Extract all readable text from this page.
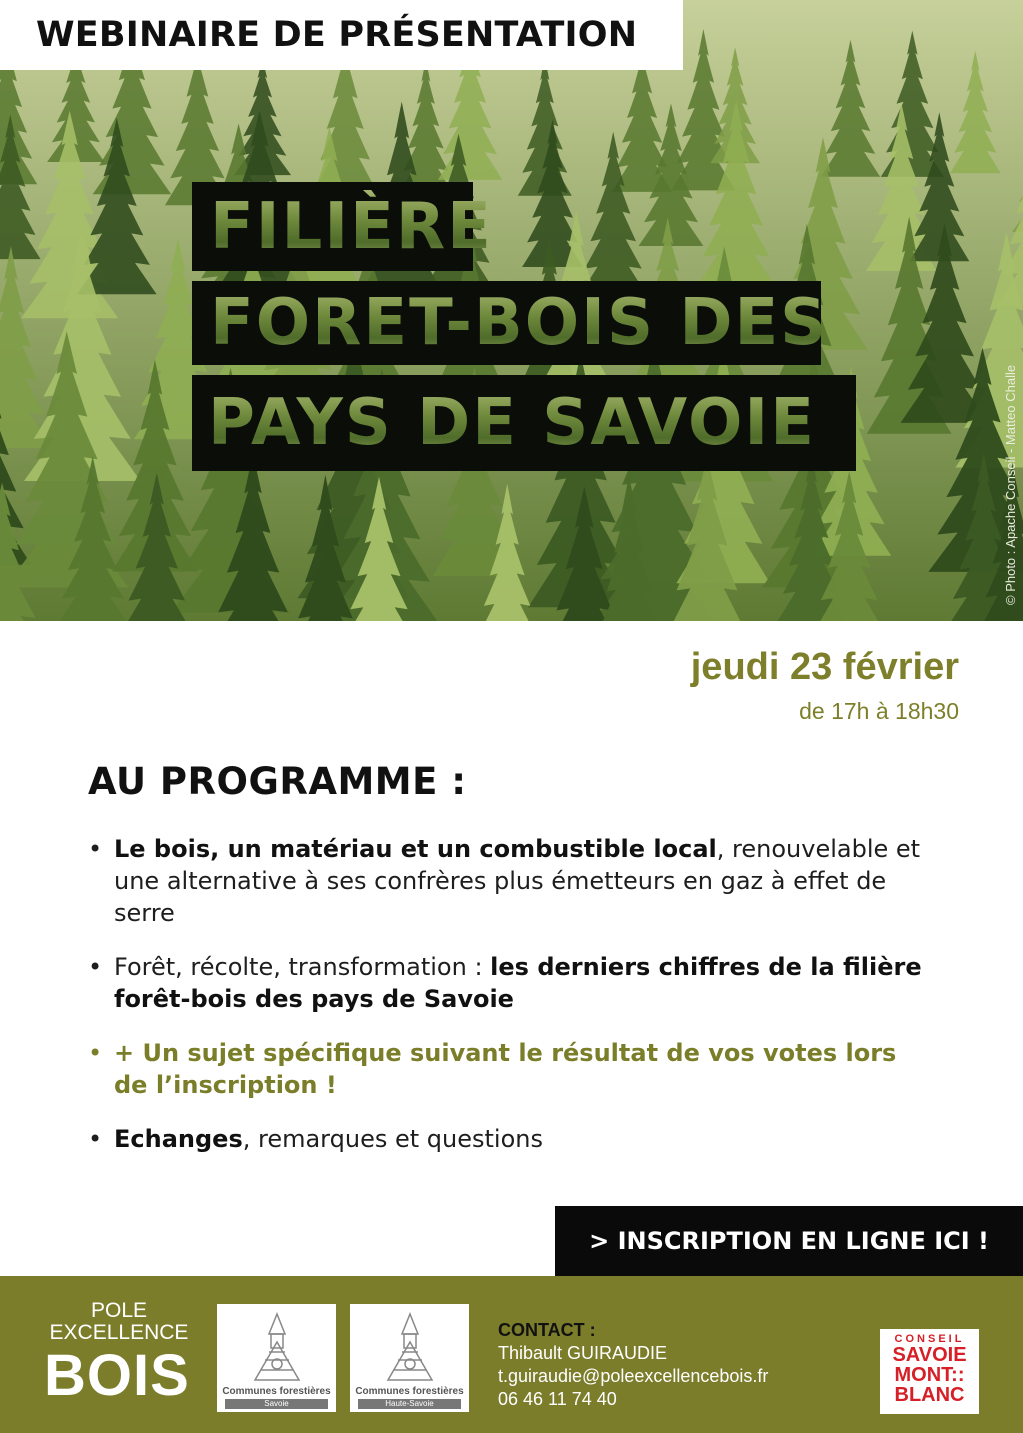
WEBINAIRE DE PRÉSENTATION
FILIÈRE
FORET-BOIS DES
PAYS DE SAVOIE	© Photo : Apache Conseil - Matteo Challe
jeudi 23 février
de 17h à 18h30
AU PROGRAMME :
• Le bois, un matériau et un combustible local, renouvelable et une alternative à ses confrères plus émetteurs en gaz à effet de serre
• Forêt, récolte, transformation : les derniers chiffres de la filière forêt-bois des pays de Savoie
• + Un sujet spécifique suivant le résultat de vos votes lors de l’inscription !
• Echanges, remarques et questions
> INSCRIPTION EN LIGNE ICI !
POLE
EXCELLENCE
BOIS	Communes forestières
Savoie
Communes forestières
Haute-Savoie
CONTACT :
Thibault GUIRAUDIE
t.guiraudie@poleexcellencebois.fr
06 46 11 74 40
CONSEIL
SAVOIE
MONT::
BLANC
